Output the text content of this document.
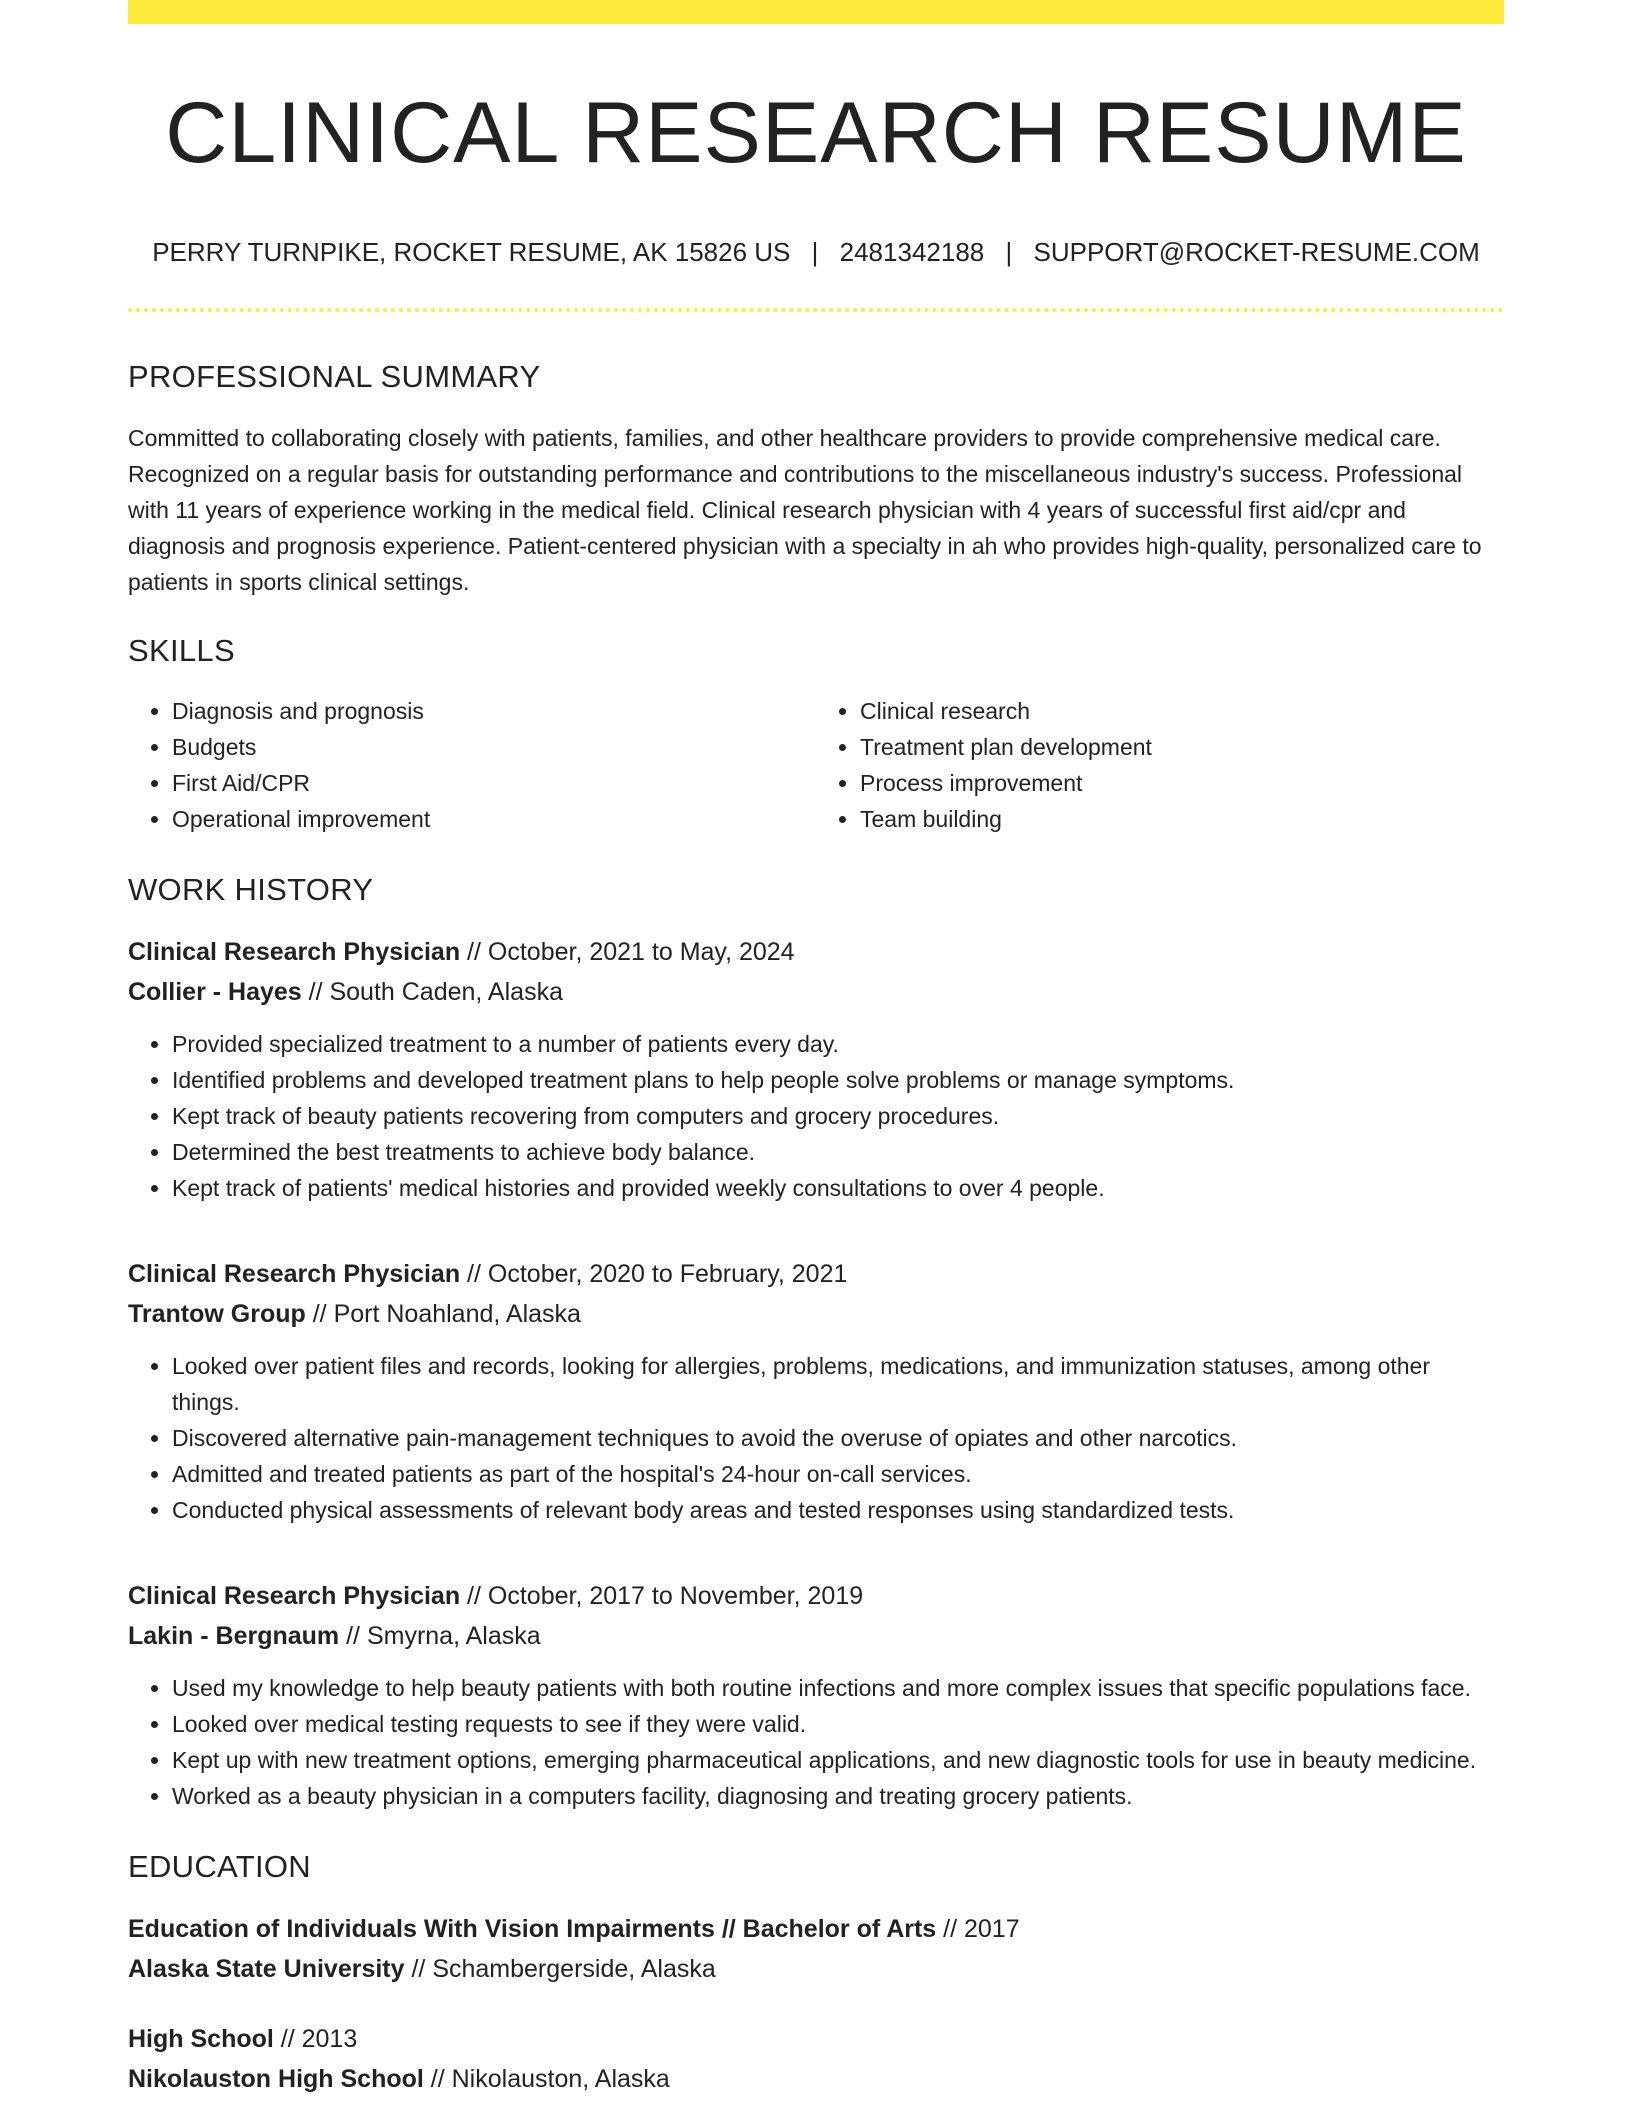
CLINICAL RESEARCH RESUME
PERRY TURNPIKE, ROCKET RESUME, AK 15826 US | 2481342188 | SUPPORT@ROCKET-RESUME.COM
PROFESSIONAL SUMMARY

Committed to collaborating closely with patients, families, and other healthcare providers to provide comprehensive medical care. Recognized on a regular basis for outstanding performance and contributions to the miscellaneous industry's success. Professional with 11 years of experience working in the medical field. Clinical research physician with 4 years of successful first aid/cpr and diagnosis and prognosis experience. Patient-centered physician with a specialty in ah who provides high-quality, personalized care to patients in sports clinical settings.

SKILLS
• Diagnosis and prognosis
• Budgets
• First Aid/CPR
• Operational improvement
• Clinical research
• Treatment plan development
• Process improvement
• Team building
WORK HISTORY
Clinical Research Physician // October, 2021 to May, 2024
Collier - Hayes // South Caden, Alaska
• Provided specialized treatment to a number of patients every day.
• Identified problems and developed treatment plans to help people solve problems or manage symptoms.
• Kept track of beauty patients recovering from computers and grocery procedures.
• Determined the best treatments to achieve body balance.
• Kept track of patients' medical histories and provided weekly consultations to over 4 people.
Clinical Research Physician // October, 2020 to February, 2021
Trantow Group // Port Noahland, Alaska
• Looked over patient files and records, looking for allergies, problems, medications, and immunization statuses, among other things.
• Discovered alternative pain-management techniques to avoid the overuse of opiates and other narcotics.
• Admitted and treated patients as part of the hospital's 24-hour on-call services.
• Conducted physical assessments of relevant body areas and tested responses using standardized tests.
Clinical Research Physician // October, 2017 to November, 2019
Lakin - Bergnaum // Smyrna, Alaska
• Used my knowledge to help beauty patients with both routine infections and more complex issues that specific populations face.
• Looked over medical testing requests to see if they were valid.
• Kept up with new treatment options, emerging pharmaceutical applications, and new diagnostic tools for use in beauty medicine.
• Worked as a beauty physician in a computers facility, diagnosing and treating grocery patients.
EDUCATION
Education of Individuals With Vision Impairments // Bachelor of Arts // 2017
Alaska State University // Schambergerside, Alaska
High School // 2013
Nikolauston High School // Nikolauston, Alaska
